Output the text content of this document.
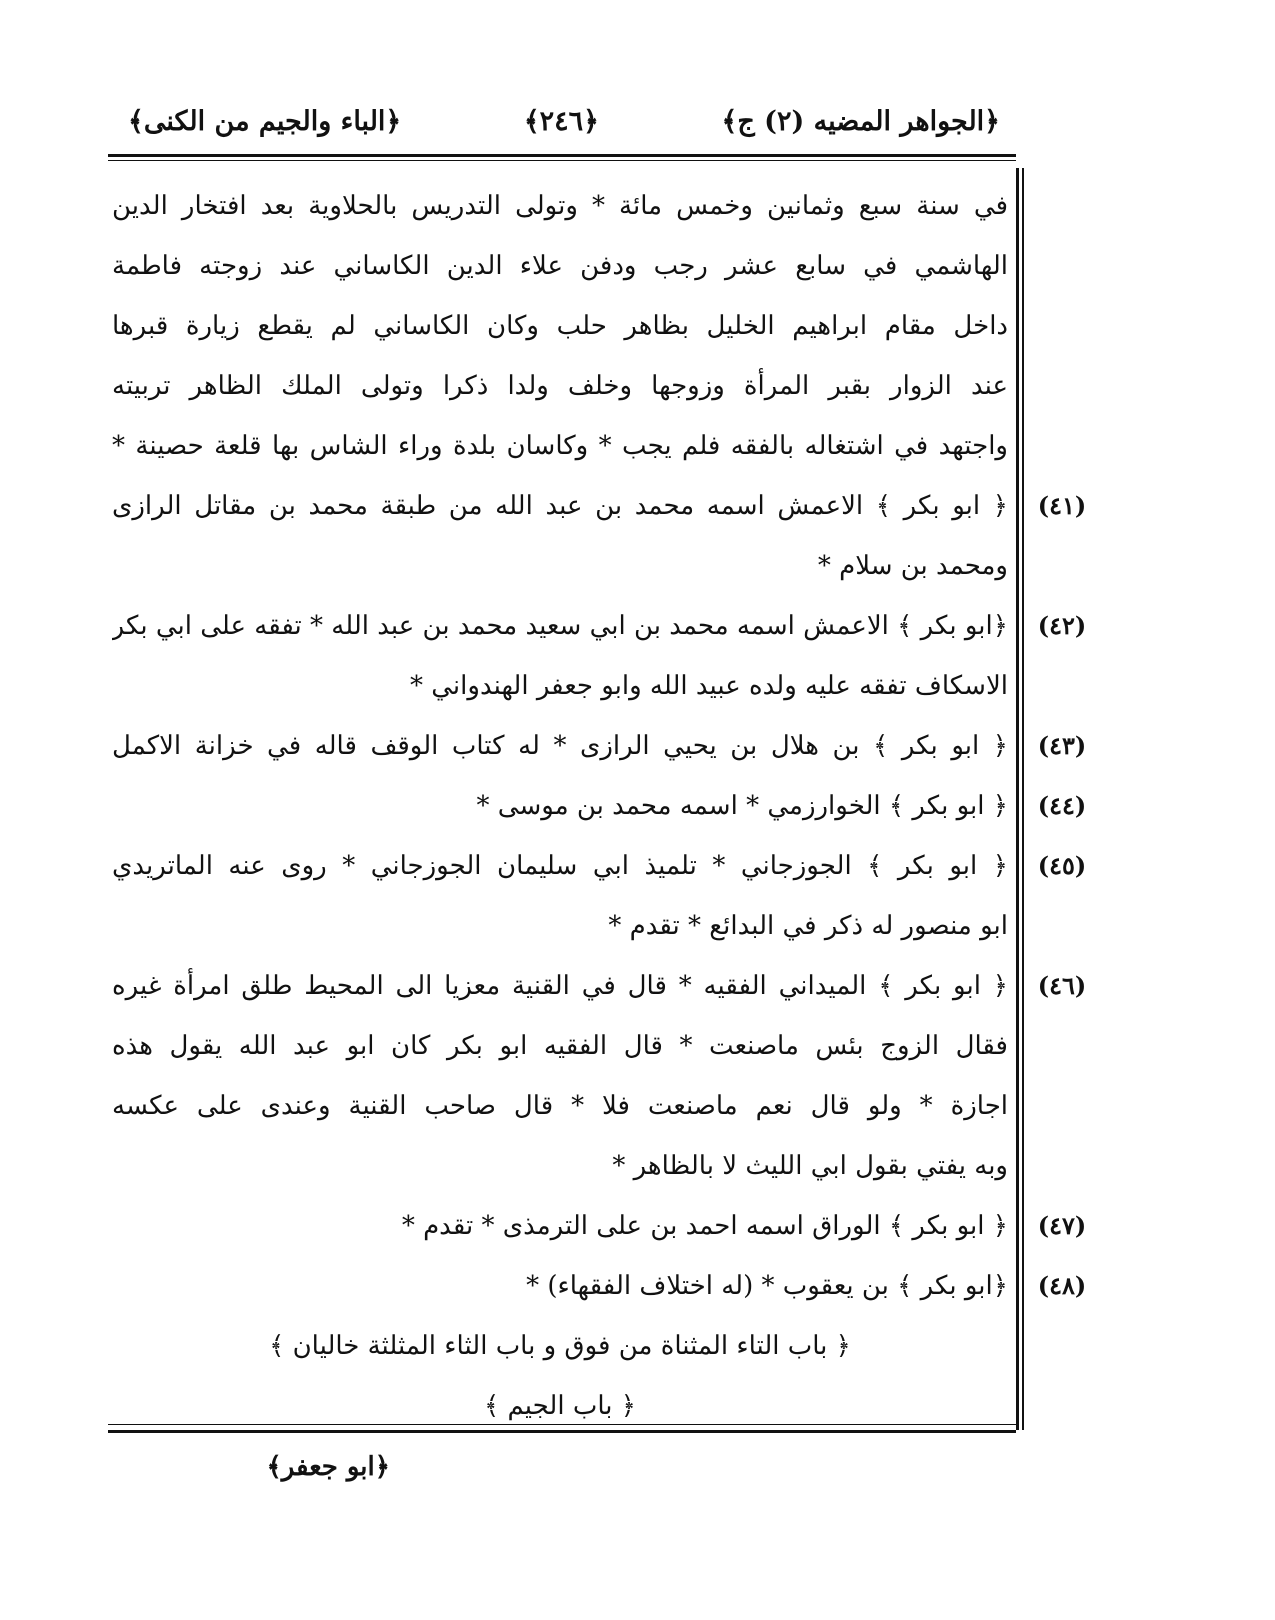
﴿الجواهر المضيه (٢) ج﴾
﴿٢٤٦﴾
﴿الباء والجيم من الكنى﴾
في سنة سبع وثمانين وخمس مائة * وتولى التدريس بالحلاوية بعد افتخار الدين
الهاشمي في سابع عشر رجب ودفن علاء الدين الكاساني عند زوجته فاطمة
داخل مقام ابراهيم الخليل بظاهر حلب وكان الكاساني لم يقطع زيارة قبرها
عند الزوار بقبر المرأة وزوجها وخلف ولدا ذكرا وتولى الملك الظاهر تربيته
واجتهد في اشتغاله بالفقه فلم يجب * وكاسان بلدة وراء الشاس بها قلعة حصينة *
﴿ ابو بكر ﴾ الاعمش اسمه محمد بن عبد الله من طبقة محمد بن مقاتل الرازى
ومحمد بن سلام *
﴿ابو بكر ﴾ الاعمش اسمه محمد بن ابي سعيد محمد بن عبد الله * تفقه على ابي بكر
الاسكاف تفقه عليه ولده عبيد الله وابو جعفر الهندواني *
﴿ ابو بكر ﴾ بن هلال بن يحيي الرازى * له كتاب الوقف قاله في خزانة الاكمل
﴿ ابو بكر ﴾ الخوارزمي * اسمه محمد بن موسى *
﴿ ابو بكر ﴾ الجوزجاني * تلميذ ابي سليمان الجوزجاني * روى عنه الماتريدي
ابو منصور له ذكر في البدائع * تقدم *
﴿ ابو بكر ﴾ الميداني الفقيه * قال في القنية معزيا الى المحيط طلق امرأة غيره
فقال الزوج بئس ماصنعت * قال الفقيه ابو بكر كان ابو عبد الله يقول هذه
اجازة * ولو قال نعم ماصنعت فلا * قال صاحب القنية وعندى على عكسه
وبه يفتي بقول ابي الليث لا بالظاهر *
﴿ ابو بكر ﴾ الوراق اسمه احمد بن على الترمذى * تقدم *
﴿ابو بكر ﴾ بن يعقوب * (له اختلاف الفقهاء) *
﴿ باب التاء المثناة من فوق و باب الثاء المثلثة خاليان ﴾
﴿ باب الجيم ﴾
(٤١)
(٤٢)
(٤٣)
(٤٤)
(٤٥)
(٤٦)
(٤٧)
(٤٨)
﴿ابو جعفر﴾
